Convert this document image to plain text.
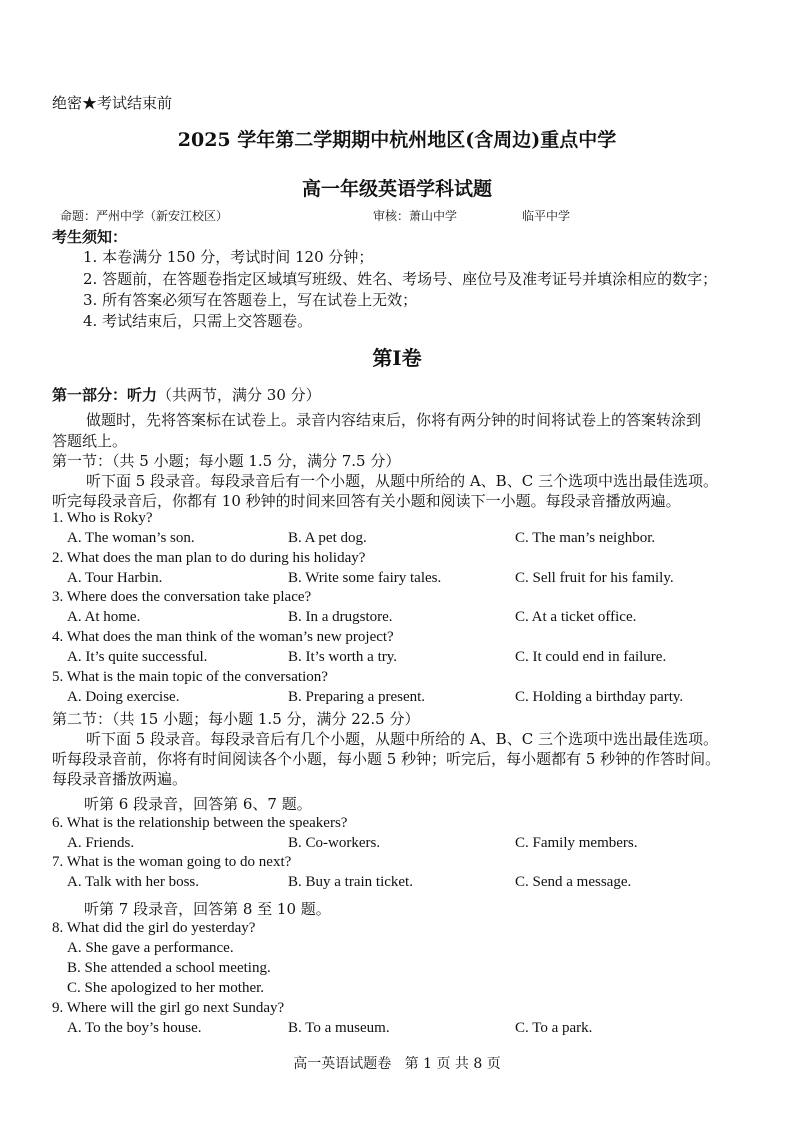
绝密★考试结束前
2025 学年第二学期期中杭州地区(含周边)重点中学
高一年级英语学科试题
命题：严州中学（新安江校区）	审核：萧山中学	临平中学
考生须知：
1. 本卷满分 150 分，考试时间 120 分钟；
2. 答题前，在答题卷指定区域填写班级、姓名、考场号、座位号及准考证号并填涂相应的数字；
3. 所有答案必须写在答题卷上，写在试卷上无效；
4. 考试结束后，只需上交答题卷。
第Ⅰ卷
第一部分：听力（共两节，满分 30 分）
做题时，先将答案标在试卷上。录音内容结束后，你将有两分钟的时间将试卷上的答案转涂到
答题纸上。
第一节：（共 5 小题；每小题 1.5 分，满分 7.5 分）
听下面 5 段录音。每段录音后有一个小题，从题中所给的 A、B、C 三个选项中选出最佳选项。
听完每段录音后，你都有 10 秒钟的时间来回答有关小题和阅读下一小题。每段录音播放两遍。
1. Who is Roky?
A. The woman’s son.	B. A pet dog.	C. The man’s neighbor.
2. What does the man plan to do during his holiday?
A. Tour Harbin.	B. Write some fairy tales.	C. Sell fruit for his family.
3. Where does the conversation take place?
A. At home.	B. In a drugstore.	C. At a ticket office.
4. What does the man think of the woman’s new project?
A. It’s quite successful.	B. It’s worth a try.	C. It could end in failure.
5. What is the main topic of the conversation?
A. Doing exercise.	B. Preparing a present.	C. Holding a birthday party.
第二节：（共 15 小题；每小题 1.5 分，满分 22.5 分）
听下面 5 段录音。每段录音后有几个小题，从题中所给的 A、B、C 三个选项中选出最佳选项。
听每段录音前，你将有时间阅读各个小题，每小题 5 秒钟；听完后，每小题都有 5 秒钟的作答时间。
每段录音播放两遍。
听第 6 段录音，回答第 6、7 题。
6. What is the relationship between the speakers?
A. Friends.	B. Co-workers.	C. Family members.
7. What is the woman going to do next?
A. Talk with her boss.	B. Buy a train ticket.	C. Send a message.
听第 7 段录音，回答第 8 至 10 题。
8. What did the girl do yesterday?
A. She gave a performance.
B. She attended a school meeting.
C. She apologized to her mother.
9. Where will the girl go next Sunday?
A. To the boy’s house.	B. To a museum.	C. To a park.
高一英语试题卷   第 1 页 共 8 页
